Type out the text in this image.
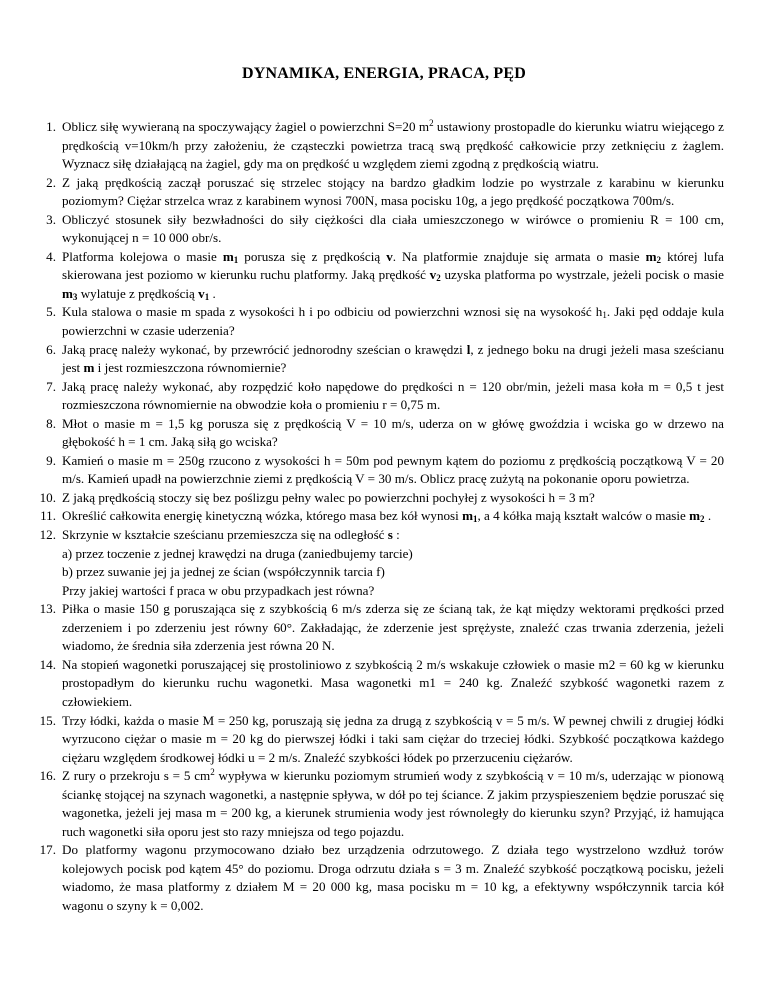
DYNAMIKA, ENERGIA, PRACA, PĘD
1. Oblicz siłę wywieraną na spoczywający żagiel o powierzchni S=20 $m^2$ ustawiony prostopadle do kierunku wiatru wiejącego z prędkością v=10km/h przy założeniu, że cząsteczki powietrza tracą swą prędkość całkowicie przy zetknięciu z żaglem. Wyznacz siłę działającą na żagiel, gdy ma on prędkość u względem ziemi zgodną z prędkością wiatru.
2. Z jaką prędkością zaczął poruszać się strzelec stojący na bardzo gładkim lodzie po wystrzale z karabinu w kierunku poziomym? Ciężar strzelca wraz z karabinem wynosi 700N, masa pocisku 10g, a jego prędkość początkowa 700m/s.
3. Obliczyć stosunek siły bezwładności do siły ciężkości dla ciała umieszczonego w wirówce o promieniu R = 100 cm, wykonującej n = 10 000 obr/s.
4. Platforma kolejowa o masie $m_1$ porusza się z prędkością v. Na platformie znajduje się armata o masie $m_2$ której lufa skierowana jest poziomo w kierunku ruchu platformy. Jaką prędkość $v_2$ uzyska platforma po wystrzale, jeżeli pocisk o masie $m_3$ wylatuje z prędkością $v_1$ .
5. Kula stalowa o masie m spada z wysokości h i po odbiciu od powierzchni wznosi się na wysokość $h_1$. Jaki pęd oddaje kula powierzchni w czasie uderzenia?
6. Jaką pracę należy wykonać, by przewrócić jednorodny sześcian o krawędzi l, z jednego boku na drugi jeżeli masa sześcianu jest m i jest rozmieszczona równomiernie?
7. Jaką pracę należy wykonać, aby rozpędzić koło napędowe do prędkości n = 120 obr/min, jeżeli masa koła m = 0,5 t jest rozmieszczona równomiernie na obwodzie koła o promieniu r = 0,75 m.
8. Młot o masie m = 1,5 kg porusza się z prędkością V = 10 m/s, uderza on w główę gwoździa i wciska go w drzewo na głębokość h = 1 cm. Jaką siłą go wciska?
9. Kamień o masie m = 250g rzucono z wysokości h = 50m pod pewnym kątem do poziomu z prędkością początkową V = 20 m/s. Kamień upadł na powierzchnie ziemi z prędkością V = 30 m/s. Oblicz pracę zużytą na pokonanie oporu powietrza.
10. Z jaką prędkością stoczy się bez poślizgu pełny walec po powierzchni pochyłej z wysokości h = 3 m?
11. Określić całkowita energię kinetyczną wózka, którego masa bez kół wynosi $m_1$, a 4 kółka mają kształt walców o masie $m_2$ .
12. Skrzynie w kształcie sześcianu przemieszcza się na odległość s :
a) przez toczenie z jednej krawędzi na druga (zaniedbujemy tarcie)
b) przez suwanie jej ja jednej ze ścian (współczynnik tarcia f)
Przy jakiej wartości f praca w obu przypadkach jest równa?
13. Piłka o masie 150 g poruszająca się z szybkością 6 m/s zderza się ze ścianą tak, że kąt między wektorami prędkości przed zderzeniem i po zderzeniu jest równy 60°. Zakładając, że zderzenie jest sprężyste, znaleźć czas trwania zderzenia, jeżeli wiadomo, że średnia siła zderzenia jest równa 20 N.
14. Na stopień wagonetki poruszającej się prostoliniowo z szybkością 2 m/s wskakuje człowiek o masie m2 = 60 kg w kierunku prostopadłym do kierunku ruchu wagonetki. Masa wagonetki m1 = 240 kg. Znaleźć szybkość wagonetki razem z człowiekiem.
15. Trzy łódki, każda o masie M = 250 kg, poruszają się jedna za drugą z szybkością v = 5 m/s. W pewnej chwili z drugiej łódki wyrzucono ciężar o masie m = 20 kg do pierwszej łódki i taki sam ciężar do trzeciej łódki. Szybkość początkowa każdego ciężaru względem środkowej łódki u = 2 m/s. Znaleźć szybkości łódek po przerzuceniu ciężarów.
16. Z rury o przekroju s = 5 $cm^2$ wypływa w kierunku poziomym strumień wody z szybkością v = 10 m/s, uderzając w pionową ściankę stojącej na szynach wagonetki, a następnie spływa, w dół po tej ściance. Z jakim przyspieszeniem będzie poruszać się wagonetka, jeżeli jej masa m = 200 kg, a kierunek strumienia wody jest równoległy do kierunku szyn? Przyjąć, iż hamująca ruch wagonetki siła oporu jest sto razy mniejsza od tego pojazdu.
17. Do platformy wagonu przymocowano działo bez urządzenia odrzutowego. Z działa tego wystrzelono wzdłuż torów kolejowych pocisk pod kątem 45° do poziomu. Droga odrzutu działa s = 3 m. Znaleźć szybkość początkową pocisku, jeżeli wiadomo, że masa platformy z działem M = 20 000 kg, masa pocisku m = 10 kg, a efektywny współczynnik tarcia kół wagonu o szyny k = 0,002.
